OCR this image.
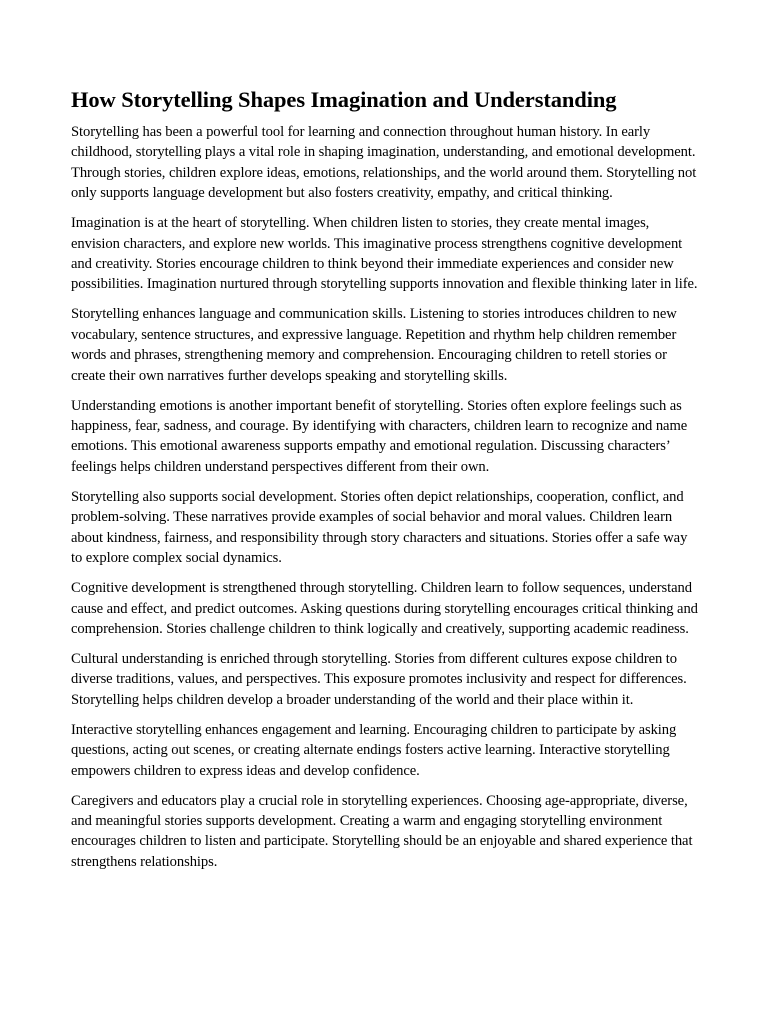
How Storytelling Shapes Imagination and Understanding

Storytelling has been a powerful tool for learning and connection throughout human history. In early childhood, storytelling plays a vital role in shaping imagination, understanding, and emotional development. Through stories, children explore ideas, emotions, relationships, and the world around them. Storytelling not only supports language development but also fosters creativity, empathy, and critical thinking.

Imagination is at the heart of storytelling. When children listen to stories, they create mental images, envision characters, and explore new worlds. This imaginative process strengthens cognitive development and creativity. Stories encourage children to think beyond their immediate experiences and consider new possibilities. Imagination nurtured through storytelling supports innovation and flexible thinking later in life.

Storytelling enhances language and communication skills. Listening to stories introduces children to new vocabulary, sentence structures, and expressive language. Repetition and rhythm help children remember words and phrases, strengthening memory and comprehension. Encouraging children to retell stories or create their own narratives further develops speaking and storytelling skills.

Understanding emotions is another important benefit of storytelling. Stories often explore feelings such as happiness, fear, sadness, and courage. By identifying with characters, children learn to recognize and name emotions. This emotional awareness supports empathy and emotional regulation. Discussing characters’ feelings helps children understand perspectives different from their own.

Storytelling also supports social development. Stories often depict relationships, cooperation, conflict, and problem-solving. These narratives provide examples of social behavior and moral values. Children learn about kindness, fairness, and responsibility through story characters and situations. Stories offer a safe way to explore complex social dynamics.

Cognitive development is strengthened through storytelling. Children learn to follow sequences, understand cause and effect, and predict outcomes. Asking questions during storytelling encourages critical thinking and comprehension. Stories challenge children to think logically and creatively, supporting academic readiness.

Cultural understanding is enriched through storytelling. Stories from different cultures expose children to diverse traditions, values, and perspectives. This exposure promotes inclusivity and respect for differences. Storytelling helps children develop a broader understanding of the world and their place within it.

Interactive storytelling enhances engagement and learning. Encouraging children to participate by asking questions, acting out scenes, or creating alternate endings fosters active learning. Interactive storytelling empowers children to express ideas and develop confidence.

Caregivers and educators play a crucial role in storytelling experiences. Choosing age-appropriate, diverse, and meaningful stories supports development. Creating a warm and engaging storytelling environment encourages children to listen and participate. Storytelling should be an enjoyable and shared experience that strengthens relationships.
